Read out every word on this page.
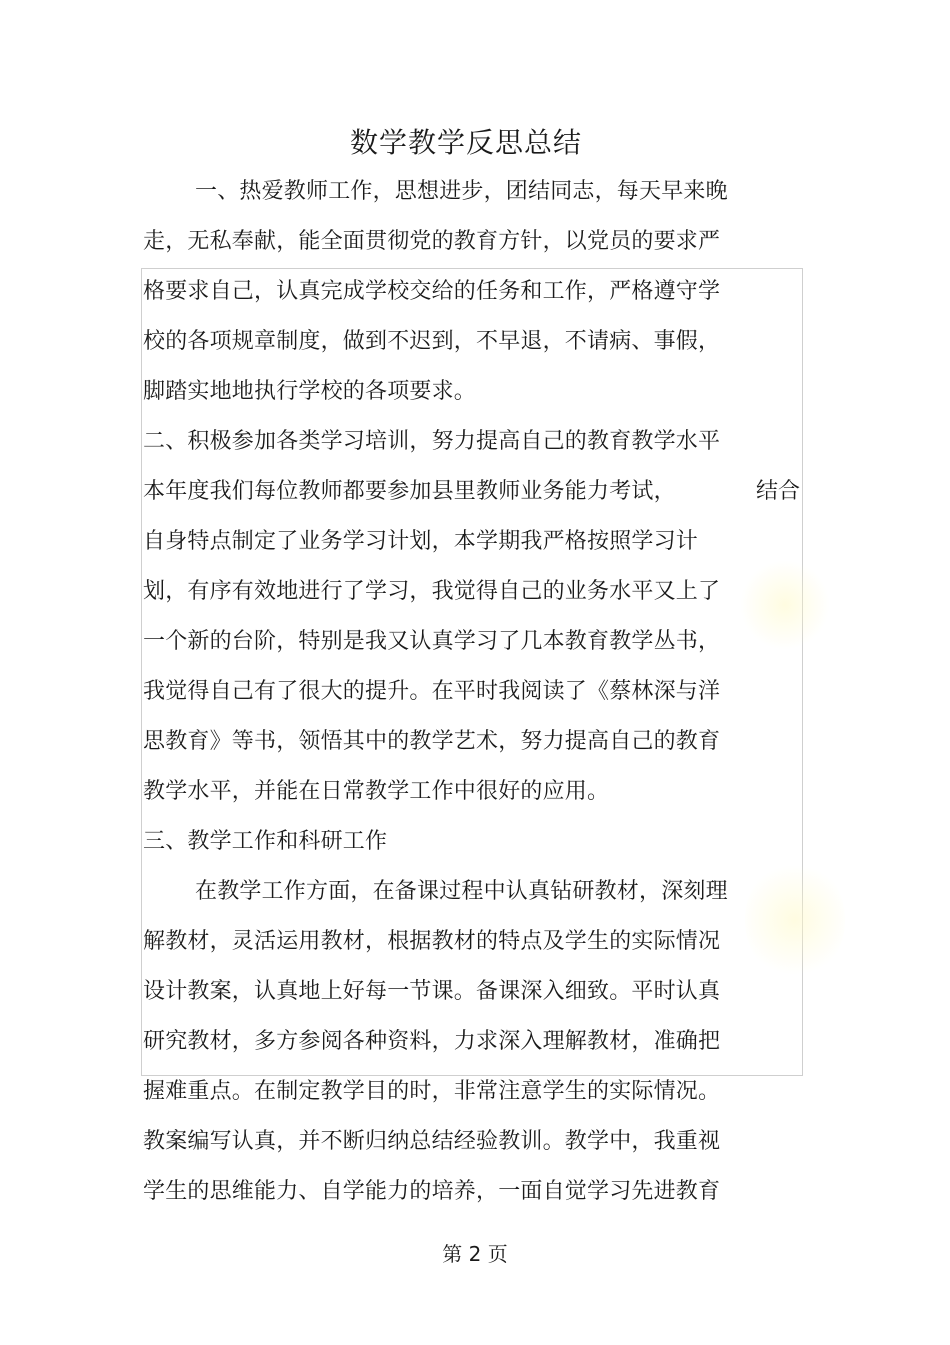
数学教学反思总结
一、热爱教师工作，思想进步，团结同志，每天早来晚
走，无私奉献，能全面贯彻党的教育方针，以党员的要求严
格要求自己，认真完成学校交给的任务和工作，严格遵守学
校的各项规章制度，做到不迟到，不早退，不请病、事假，
脚踏实地地执行学校的各项要求。
二、积极参加各类学习培训，努力提高自己的教育教学水平
本年度我们每位教师都要参加县里教师业务能力考试，	结合
自身特点制定了业务学习计划，本学期我严格按照学习计
划，有序有效地进行了学习，我觉得自己的业务水平又上了
一个新的台阶，特别是我又认真学习了几本教育教学丛书，
我觉得自己有了很大的提升。在平时我阅读了《蔡林深与洋
思教育》等书，领悟其中的教学艺术，努力提高自己的教育
教学水平，并能在日常教学工作中很好的应用。
三、教学工作和科研工作
在教学工作方面，在备课过程中认真钻研教材，深刻理
解教材，灵活运用教材，根据教材的特点及学生的实际情况
设计教案，认真地上好每一节课。备课深入细致。平时认真
研究教材，多方参阅各种资料，力求深入理解教材，准确把
握难重点。在制定教学目的时，非常注意学生的实际情况。
教案编写认真，并不断归纳总结经验教训。教学中，我重视
学生的思维能力、自学能力的培养，一面自觉学习先进教育
第 2 页
